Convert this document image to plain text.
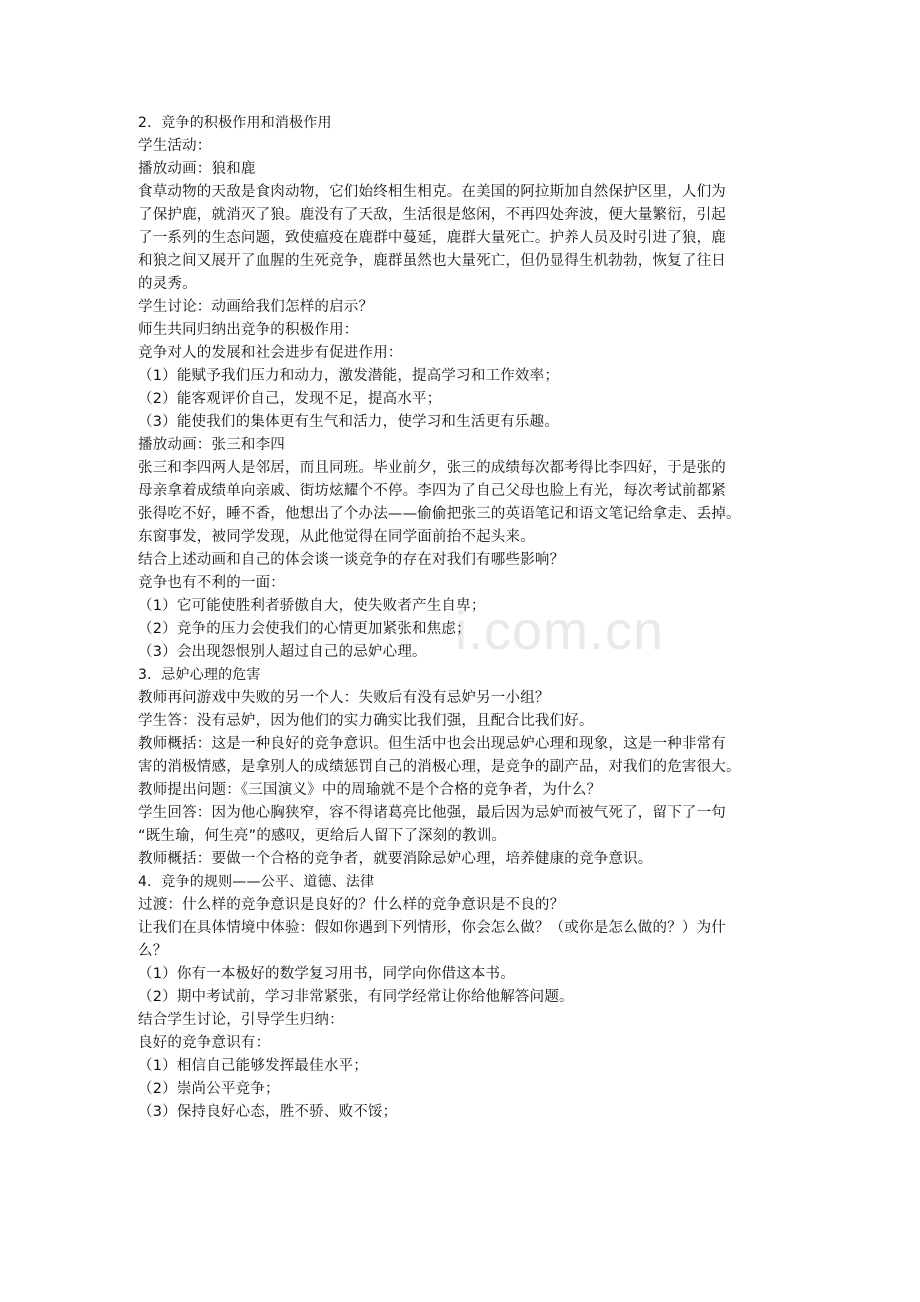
i.com.cn
2．竞争的积极作用和消极作用
学生活动：
播放动画：狼和鹿
食草动物的天敌是食肉动物，它们始终相生相克。在美国的阿拉斯加自然保护区里，人们为
了保护鹿，就消灭了狼。鹿没有了天敌，生活很是悠闲，不再四处奔波，便大量繁衍，引起
了一系列的生态问题，致使瘟疫在鹿群中蔓延，鹿群大量死亡。护养人员及时引进了狼，鹿
和狼之间又展开了血腥的生死竞争，鹿群虽然也大量死亡，但仍显得生机勃勃，恢复了往日
的灵秀。
学生讨论：动画给我们怎样的启示？
师生共同归纳出竞争的积极作用：
竞争对人的发展和社会进步有促进作用：
（1）能赋予我们压力和动力，激发潜能，提高学习和工作效率；
（2）能客观评价自己，发现不足，提高水平；
（3）能使我们的集体更有生气和活力，使学习和生活更有乐趣。
播放动画：张三和李四
张三和李四两人是邻居，而且同班。毕业前夕，张三的成绩每次都考得比李四好，于是张的
母亲拿着成绩单向亲戚、街坊炫耀个不停。李四为了自己父母也脸上有光，每次考试前都紧
张得吃不好，睡不香，他想出了个办法——偷偷把张三的英语笔记和语文笔记给拿走、丢掉。
东窗事发，被同学发现，从此他觉得在同学面前抬不起头来。
结合上述动画和自己的体会谈一谈竞争的存在对我们有哪些影响？
竞争也有不利的一面：
（1）它可能使胜利者骄傲自大，使失败者产生自卑；
（2）竞争的压力会使我们的心情更加紧张和焦虑；
（3）会出现怨恨别人超过自己的忌妒心理。
3．忌妒心理的危害
教师再问游戏中失败的另一个人：失败后有没有忌妒另一小组？
学生答：没有忌妒，因为他们的实力确实比我们强，且配合比我们好。
教师概括：这是一种良好的竞争意识。但生活中也会出现忌妒心理和现象，这是一种非常有
害的消极情感，是拿别人的成绩惩罚自己的消极心理，是竞争的副产品，对我们的危害很大。
教师提出问题：《三国演义》中的周瑜就不是个合格的竞争者，为什么？
学生回答：因为他心胸狭窄，容不得诸葛亮比他强，最后因为忌妒而被气死了，留下了一句
“既生瑜，何生亮”的感叹，更给后人留下了深刻的教训。
教师概括：要做一个合格的竞争者，就要消除忌妒心理，培养健康的竞争意识。
4．竞争的规则——公平、道德、法律
过渡：什么样的竞争意识是良好的？什么样的竞争意识是不良的？
让我们在具体情境中体验：假如你遇到下列情形，你会怎么做？（或你是怎么做的？）为什
么？
（1）你有一本极好的数学复习用书，同学向你借这本书。
（2）期中考试前，学习非常紧张，有同学经常让你给他解答问题。
结合学生讨论，引导学生归纳：
良好的竞争意识有：
（1）相信自己能够发挥最佳水平；
（2）崇尚公平竞争；
（3）保持良好心态，胜不骄、败不馁；
